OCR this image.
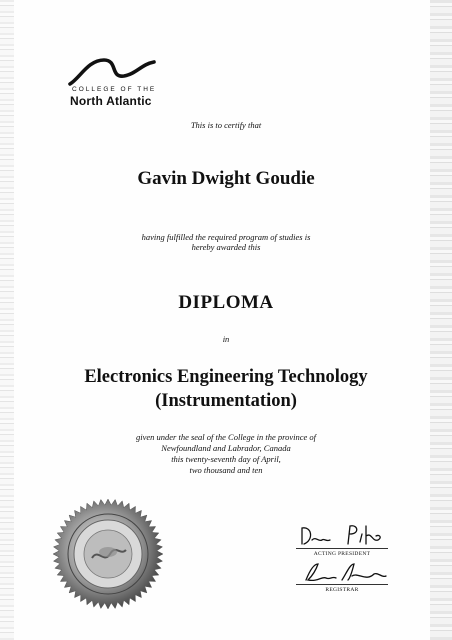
COLLEGE OF THE
North Atlantic
This is to certify that
Gavin Dwight Goudie
having fulfilled the required program of studies is
hereby awarded this
DIPLOMA
in
Electronics Engineering Technology
(Instrumentation)
given under the seal of the College in the province of
Newfoundland and Labrador, Canada
this twenty-seventh day of April,
two thousand and ten
ACTING PRESIDENT
REGISTRAR
